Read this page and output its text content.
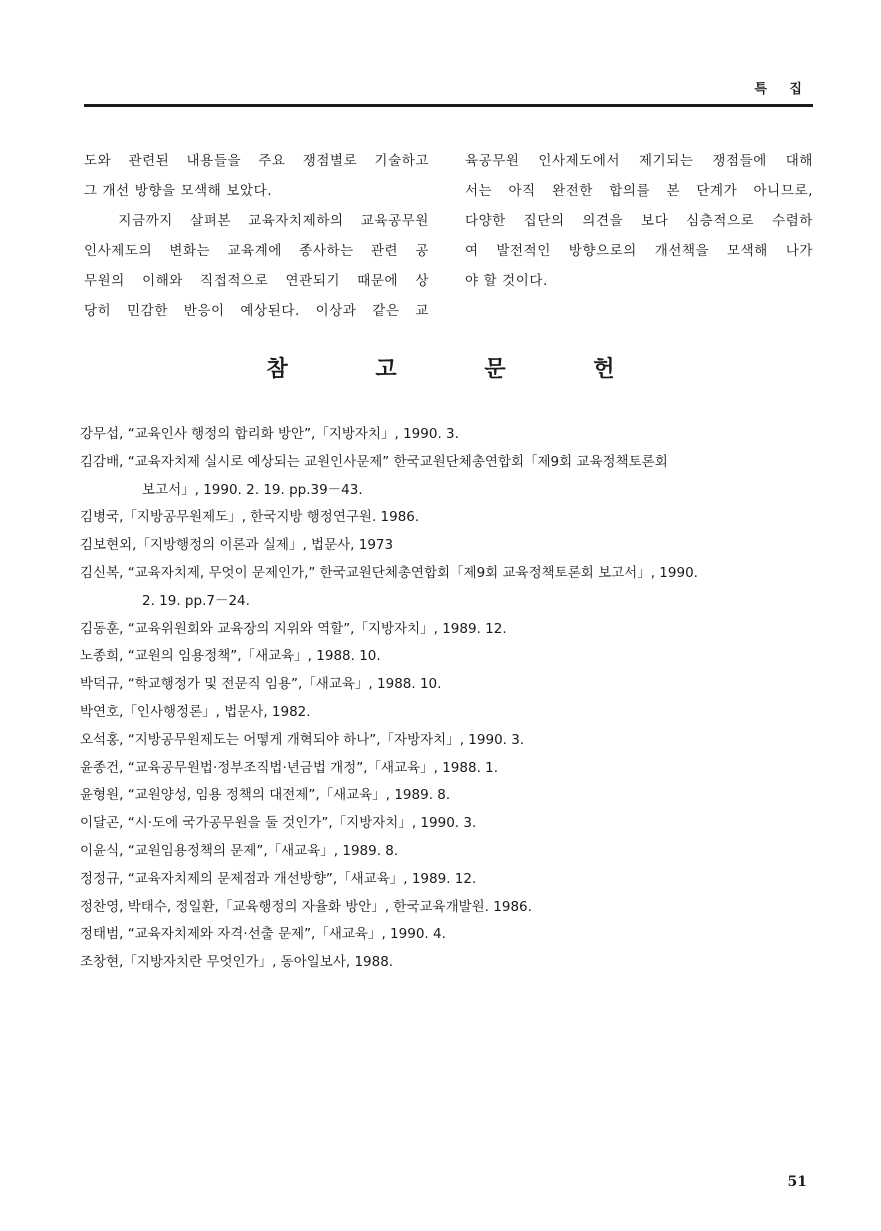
특 집
도와 관련된 내용들을 주요 쟁점별로 기술하고
그 개선 방향을 모색해 보았다.
지금까지 살펴본 교육자치제하의 교육공무원
인사제도의 변화는 교육계에 종사하는 관련 공
무원의 이해와 직접적으로 연관되기 때문에 상
당히 민감한 반응이 예상된다. 이상과 같은 교
육공무원 인사제도에서 제기되는 쟁점들에 대해
서는 아직 완전한 합의를 본 단계가 아니므로,
다양한 집단의 의견을 보다 심층적으로 수렴하
여 발전적인 방향으로의 개선책을 모색해 나가
야 할 것이다.
참 고 문 헌
강무섭, “교육인사 행정의 합리화 방안”,「지방자치」, 1990. 3.
김감배, “교육자치제 실시로 예상되는 교원인사문제” 한국교원단체총연합회「제9회 교육정책토론회
보고서」, 1990. 2. 19. pp.39－43.
김병국,「지방공무원제도」, 한국지방 행정연구원. 1986.
김보현외,「지방행정의 이론과 실제」, 법문사, 1973
김신복, “교육자치제, 무엇이 문제인가,” 한국교원단체총연합회「제9회 교육정책토론회 보고서」, 1990.
2. 19. pp.7－24.
김동훈, “교육위원회와 교육장의 지위와 역할”,「지방자치」, 1989. 12.
노종희, “교원의 임용정책”,「새교육」, 1988. 10.
박덕규, “학교행정가 및 전문직 임용”,「새교육」, 1988. 10.
박연호,「인사행정론」, 법문사, 1982.
오석홍, “지방공무원제도는 어떻게 개혁되야 하나”,「자방자치」, 1990. 3.
윤종건, “교육공무원법·정부조직법·년금법 개정”,「새교육」, 1988. 1.
윤형원, “교원양성, 임용 정책의 대전제”,「새교육」, 1989. 8.
이달곤, “시·도에 국가공무원을 둘 것인가”,「지방자치」, 1990. 3.
이윤식, “교원임용정책의 문제”,「새교육」, 1989. 8.
정정규, “교육자치제의 문제점과 개선방향”,「새교육」, 1989. 12.
정찬영, 박태수, 정일환,「교육행정의 자율화 방안」, 한국교육개발원. 1986.
정태범, “교육자치제와 자격·선출 문제”,「새교육」, 1990. 4.
조창현,「지방자치란 무엇인가」, 동아일보사, 1988.
51
